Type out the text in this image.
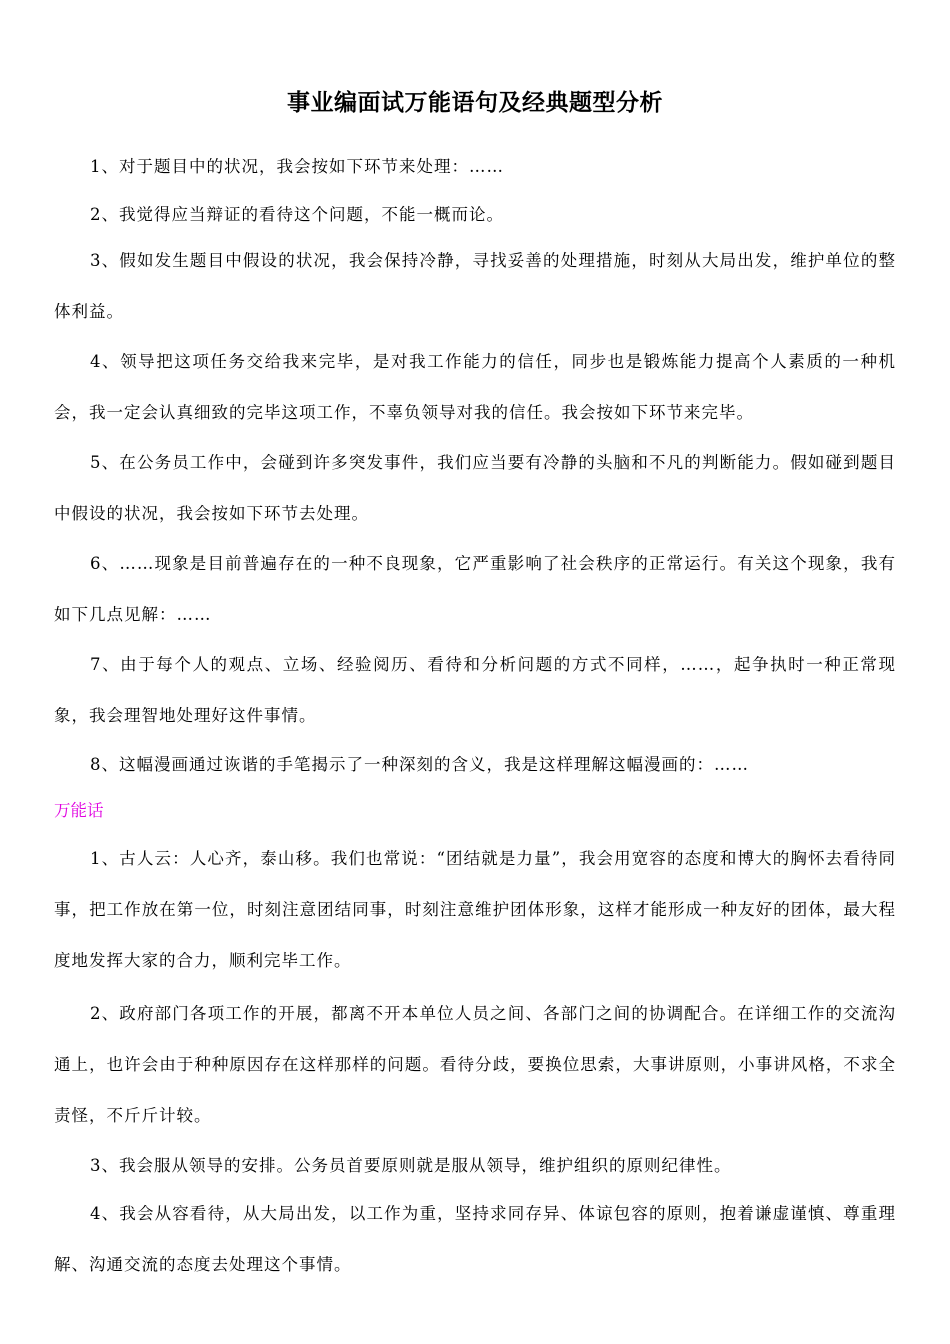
事业编面试万能语句及经典题型分析

1、对于题目中的状况，我会按如下环节来处理：……

2、我觉得应当辩证的看待这个问题，不能一概而论。

3、假如发生题目中假设的状况，我会保持冷静，寻找妥善的处理措施，时刻从大局出发，维护单位的整体利益。

4、领导把这项任务交给我来完毕，是对我工作能力的信任，同步也是锻炼能力提高个人素质的一种机会，我一定会认真细致的完毕这项工作，不辜负领导对我的信任。我会按如下环节来完毕。

5、在公务员工作中，会碰到许多突发事件，我们应当要有冷静的头脑和不凡的判断能力。假如碰到题目中假设的状况，我会按如下环节去处理。

6、……现象是目前普遍存在的一种不良现象，它严重影响了社会秩序的正常运行。有关这个现象，我有如下几点见解：……

7、由于每个人的观点、立场、经验阅历、看待和分析问题的方式不同样，……，起争执时一种正常现象，我会理智地处理好这件事情。

8、这幅漫画通过诙谐的手笔揭示了一种深刻的含义，我是这样理解这幅漫画的：……

万能话

1、古人云：人心齐，泰山移。我们也常说：“团结就是力量”，我会用宽容的态度和博大的胸怀去看待同事，把工作放在第一位，时刻注意团结同事，时刻注意维护团体形象，这样才能形成一种友好的团体，最大程度地发挥大家的合力，顺利完毕工作。

2、政府部门各项工作的开展，都离不开本单位人员之间、各部门之间的协调配合。在详细工作的交流沟通上，也许会由于种种原因存在这样那样的问题。看待分歧，要换位思索，大事讲原则，小事讲风格，不求全责怪，不斤斤计较。

3、我会服从领导的安排。公务员首要原则就是服从领导，维护组织的原则纪律性。

4、我会从容看待，从大局出发，以工作为重，坚持求同存异、体谅包容的原则，抱着谦虚谨慎、尊重理解、沟通交流的态度去处理这个事情。
